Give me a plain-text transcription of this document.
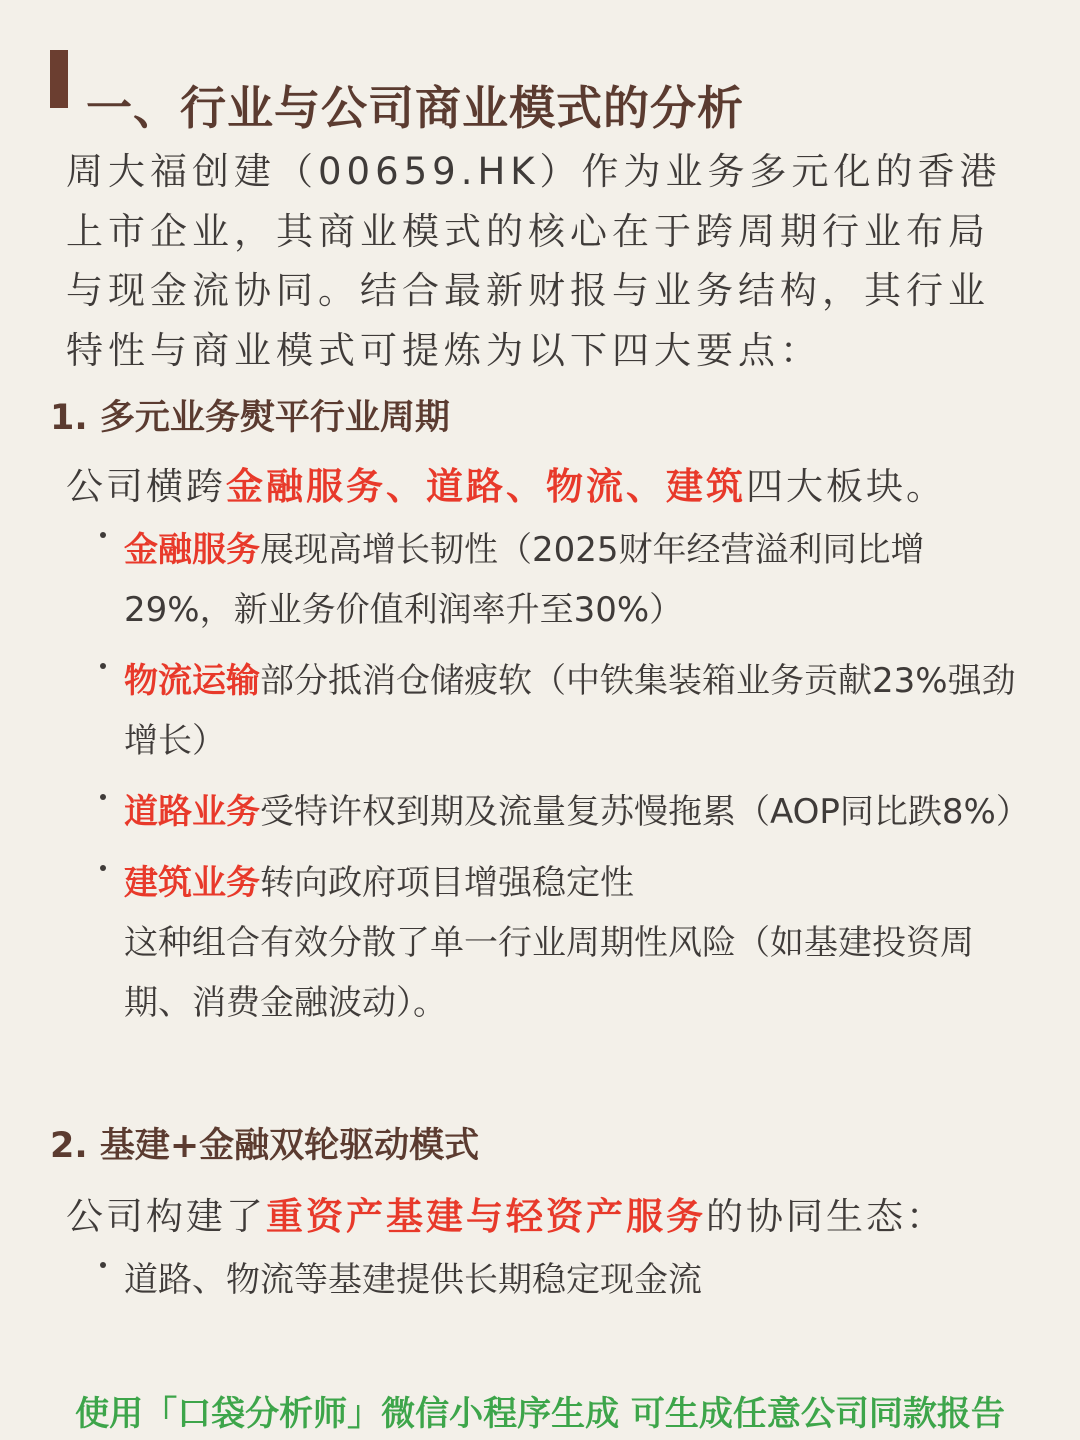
一、行业与公司商业模式的分析
周大福创建（00659.HK）作为业务多元化的香港上市企业，其商业模式的核心在于跨周期行业布局与现金流协同。结合最新财报与业务结构，其行业特性与商业模式可提炼为以下四大要点：
1. 多元业务熨平行业周期
公司横跨金融服务、道路、物流、建筑四大板块。
金融服务展现高增长韧性（2025财年经营溢利同比增29%，新业务价值利润率升至30%）
物流运输部分抵消仓储疲软（中铁集装箱业务贡献23%强劲增长）
道路业务受特许权到期及流量复苏慢拖累（AOP同比跌8%）
建筑业务转向政府项目增强稳定性
这种组合有效分散了单一行业周期性风险（如基建投资周期、消费金融波动）。
2. 基建+金融双轮驱动模式
公司构建了重资产基建与轻资产服务的协同生态：
道路、物流等基建提供长期稳定现金流
使用「口袋分析师」微信小程序生成 可生成任意公司同款报告
